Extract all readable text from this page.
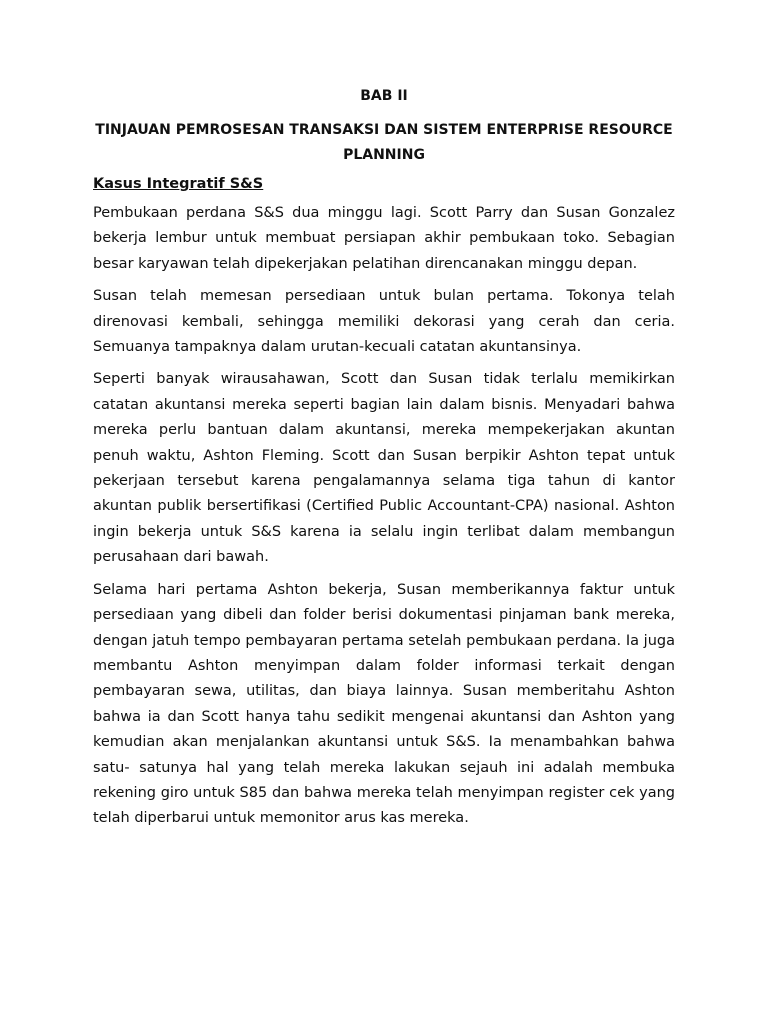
BAB II
TINJAUAN PEMROSESAN TRANSAKSI DAN SISTEM ENTERPRISE RESOURCE PLANNING
Kasus Integratif S&S

Pembukaan perdana S&S dua minggu lagi. Scott Parry dan Susan Gonzalez bekerja lembur untuk membuat persiapan akhir pembukaan toko. Sebagian besar karyawan telah dipekerjakan pelatihan direncanakan minggu depan.

Susan telah memesan persediaan untuk bulan pertama. Tokonya telah direnovasi kembali, sehingga memiliki dekorasi yang cerah dan ceria. Semuanya tampaknya dalam urutan-kecuali catatan akuntansinya.

Seperti banyak wirausahawan, Scott dan Susan tidak terlalu memikirkan catatan akuntansi mereka seperti bagian lain dalam bisnis. Menyadari bahwa mereka perlu bantuan dalam akuntansi, mereka mempekerjakan akuntan penuh waktu, Ashton Fleming. Scott dan Susan berpikir Ashton tepat untuk pekerjaan tersebut karena pengalamannya selama tiga tahun di kantor akuntan publik bersertifikasi (Certified Public Accountant-CPA) nasional. Ashton ingin bekerja untuk S&S karena ia selalu ingin terlibat dalam membangun perusahaan dari bawah.

Selama hari pertama Ashton bekerja, Susan memberikannya faktur untuk persediaan yang dibeli dan folder berisi dokumentasi pinjaman bank mereka, dengan jatuh tempo pembayaran pertama setelah pembukaan perdana. Ia juga membantu Ashton menyimpan dalam folder informasi terkait dengan pembayaran sewa, utilitas, dan biaya lainnya. Susan memberitahu Ashton bahwa ia dan Scott hanya tahu sedikit mengenai akuntansi dan Ashton yang kemudian akan menjalankan akuntansi untuk S&S. Ia menambahkan bahwa satu- satunya hal yang telah mereka lakukan sejauh ini adalah membuka rekening giro untuk S85 dan bahwa mereka telah menyimpan register cek yang telah diperbarui untuk memonitor arus kas mereka.
